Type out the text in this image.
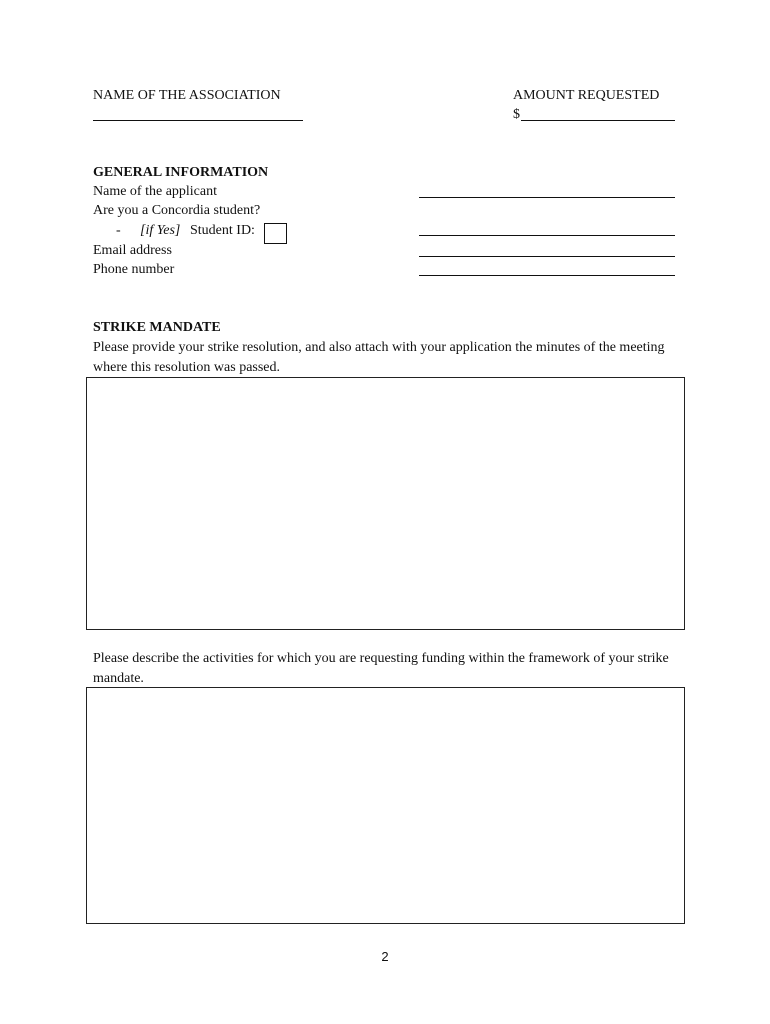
NAME OF THE ASSOCIATION	AMOUNT REQUESTED
$
GENERAL INFORMATION
Name of the applicant
Are you a Concordia student?
- [if Yes] Student ID:
Email address
Phone number
STRIKE MANDATE
Please provide your strike resolution, and also attach with your application the minutes of the meeting where this resolution was passed.
Please describe the activities for which you are requesting funding within the framework of your strike mandate.
2
